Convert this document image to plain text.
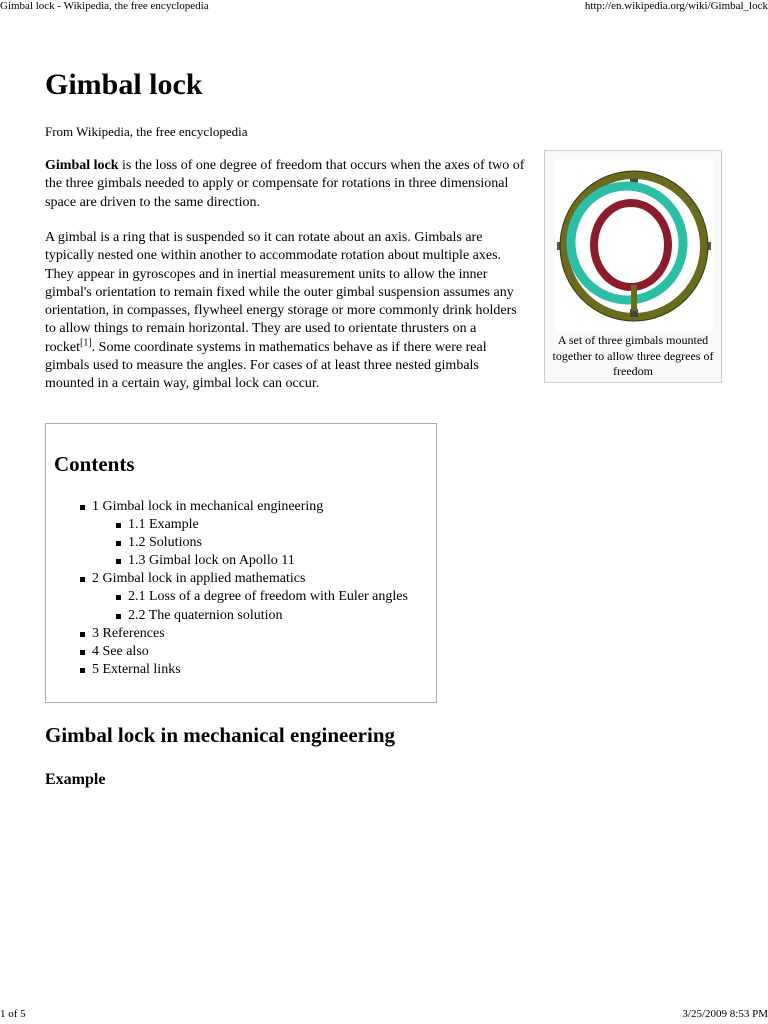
Gimbal lock - Wikipedia, the free encyclopedia	http://en.wikipedia.org/wiki/Gimbal_lock
Gimbal lock
From Wikipedia, the free encyclopedia

Gimbal lock is the loss of one degree of freedom that occurs when the axes of two of the three gimbals needed to apply or compensate for rotations in three dimensional space are driven to the same direction.

A gimbal is a ring that is suspended so it can rotate about an axis. Gimbals are typically nested one within another to accommodate rotation about multiple axes. They appear in gyroscopes and in inertial measurement units to allow the inner gimbal's orientation to remain fixed while the outer gimbal suspension assumes any orientation, in compasses, flywheel energy storage or more commonly drink holders to allow things to remain horizontal. They are used to orientate thrusters on a rocket[1]. Some coordinate systems in mathematics behave as if there were real gimbals used to measure the angles. For cases of at least three nested gimbals mounted in a certain way, gimbal lock can occur.

A set of three gimbals mounted together to allow three degrees of freedom
Contents
1 Gimbal lock in mechanical engineering
1.1 Example
1.2 Solutions
1.3 Gimbal lock on Apollo 11
2 Gimbal lock in applied mathematics
2.1 Loss of a degree of freedom with Euler angles
2.2 The quaternion solution
3 References
4 See also
5 External links
Gimbal lock in mechanical engineering
Example
1 of 5	3/25/2009 8:53 PM
